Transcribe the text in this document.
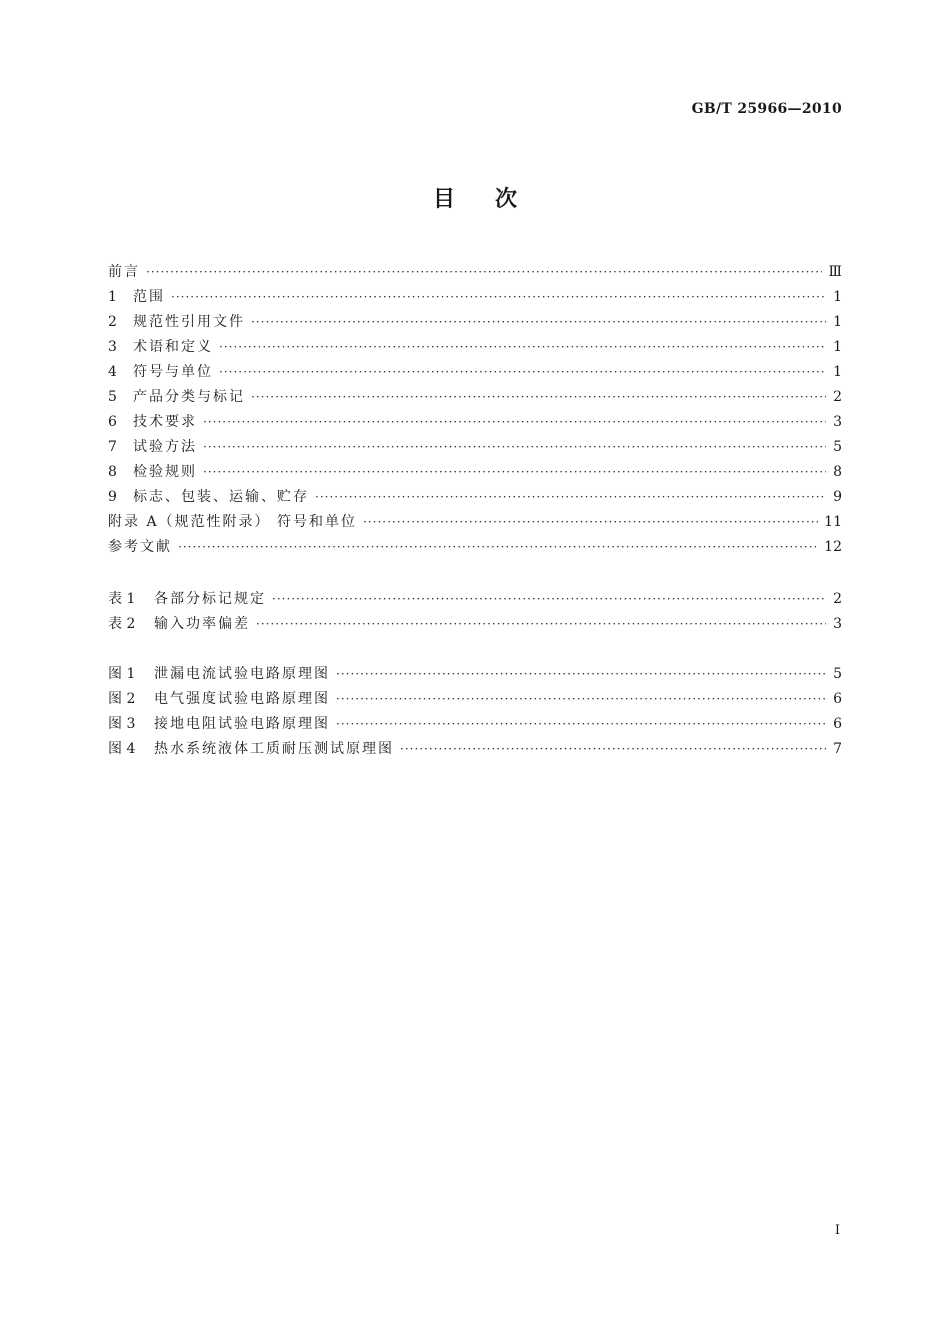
GB/T 25966—2010
目次
前言 ·····	Ⅲ
1	范围 ·····	1
2	规范性引用文件 ·····	1
3	术语和定义 ·····	1
4	符号与单位 ·····	1
5	产品分类与标记 ·····	2
6	技术要求 ·····	3
7	试验方法 ·····	5
8	检验规则 ·····	8
9	标志、包装、运输、贮存 ·····	9
附录 A（规范性附录） 符号和单位 ·····	11
参考文献 ·····	12
表 1	各部分标记规定 ·····	2
表 2	输入功率偏差 ·····	3
图 1	泄漏电流试验电路原理图 ·····	5
图 2	电气强度试验电路原理图 ·····	6
图 3	接地电阻试验电路原理图 ·····	6
图 4	热水系统液体工质耐压测试原理图 ·····	7
Ⅰ
